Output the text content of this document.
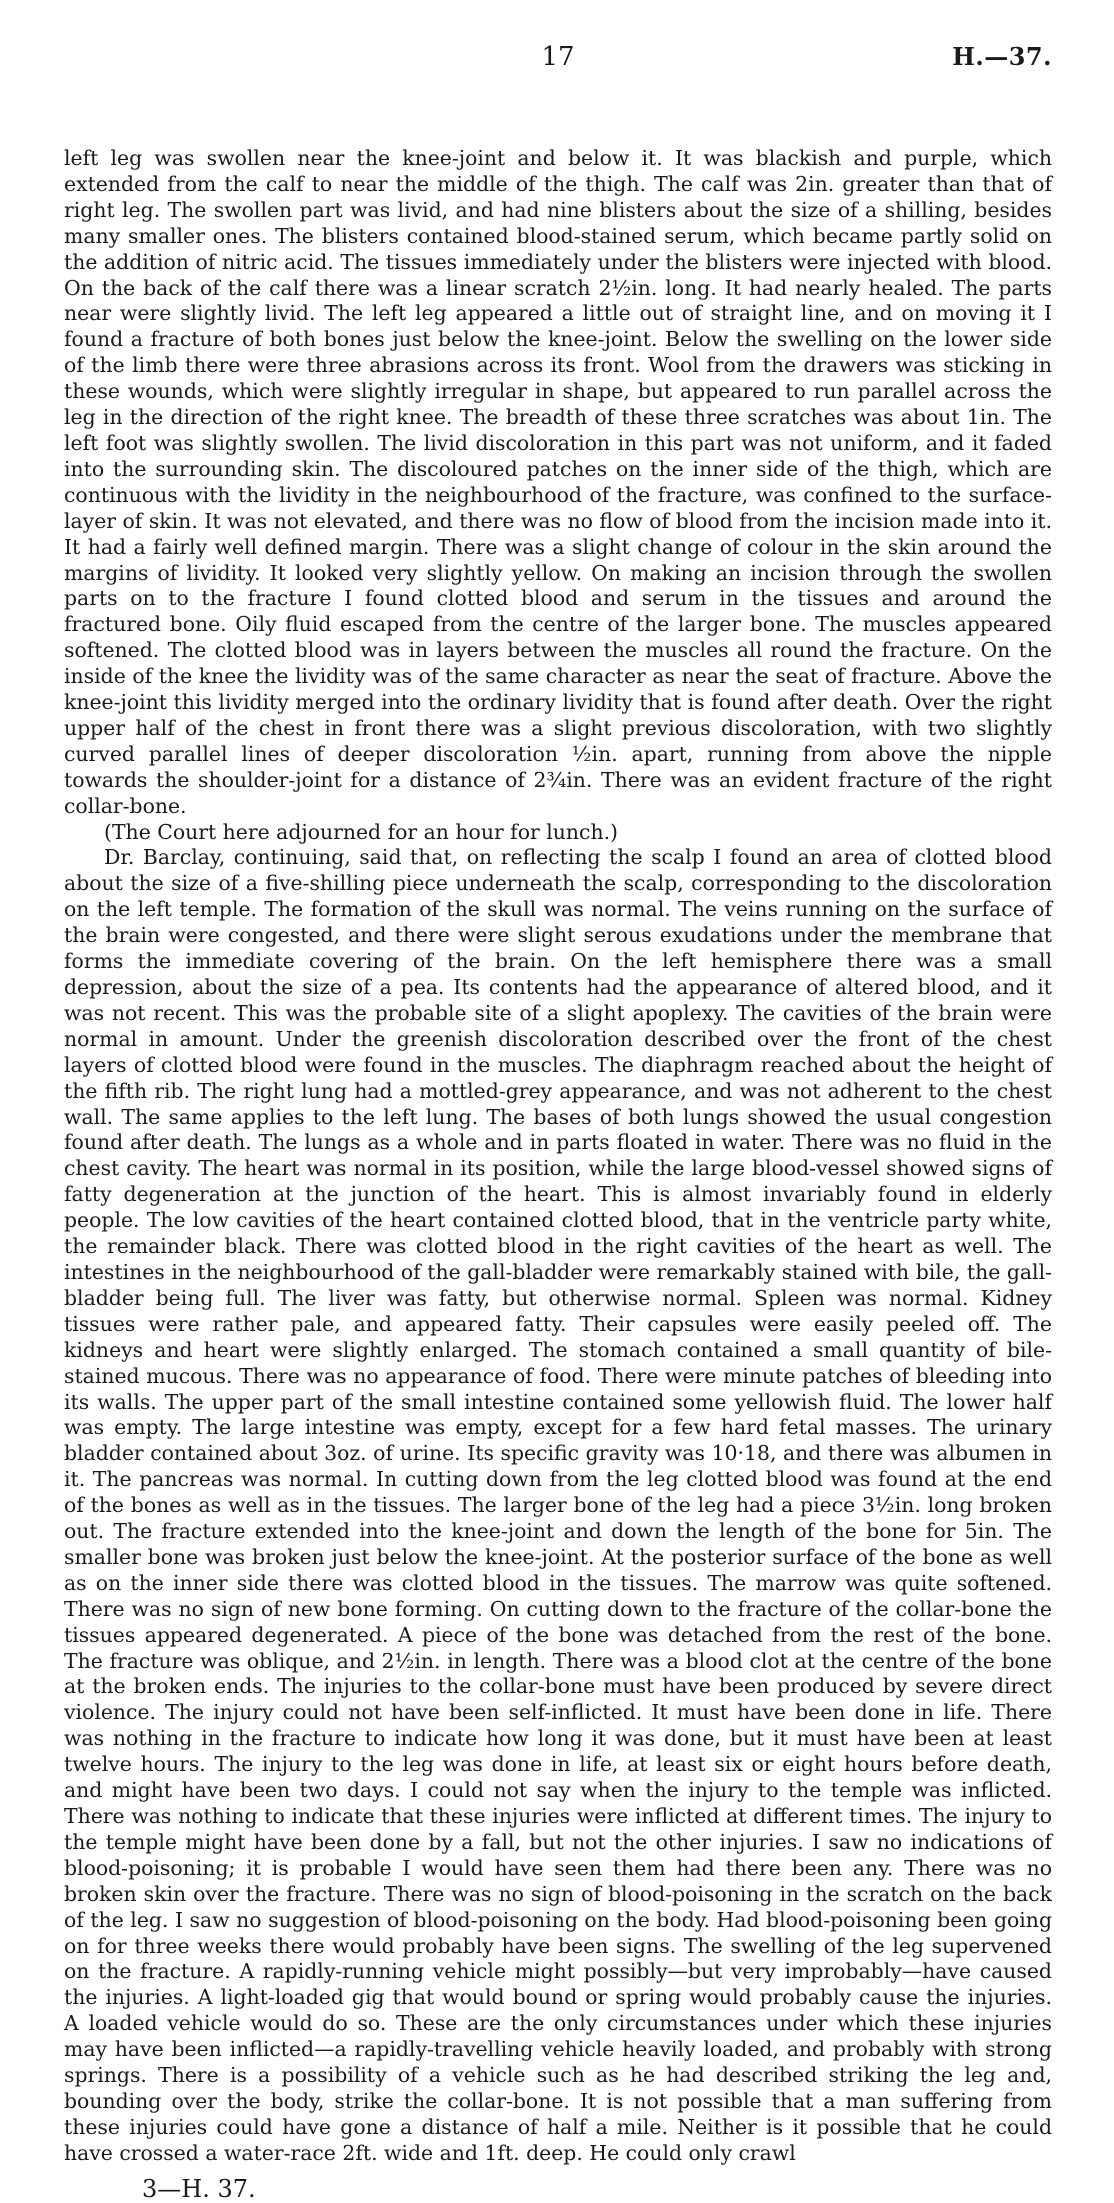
17	H.—37.

left leg was swollen near the knee-joint and below it. It was blackish and purple, which extended from the calf to near the middle of the thigh. The calf was 2in. greater than that of right leg. The swollen part was livid, and had nine blisters about the size of a shilling, besides many smaller ones. The blisters contained blood-stained serum, which became partly solid on the addition of nitric acid. The tissues immediately under the blisters were injected with blood. On the back of the calf there was a linear scratch 2½in. long. It had nearly healed. The parts near were slightly livid. The left leg appeared a little out of straight line, and on moving it I found a fracture of both bones just below the knee-joint. Below the swelling on the lower side of the limb there were three abrasions across its front. Wool from the drawers was sticking in these wounds, which were slightly irregular in shape, but appeared to run parallel across the leg in the direction of the right knee. The breadth of these three scratches was about 1in. The left foot was slightly swollen. The livid discoloration in this part was not uniform, and it faded into the surrounding skin. The discoloured patches on the inner side of the thigh, which are continuous with the lividity in the neighbourhood of the fracture, was confined to the surface-layer of skin. It was not elevated, and there was no flow of blood from the incision made into it. It had a fairly well defined margin. There was a slight change of colour in the skin around the margins of lividity. It looked very slightly yellow. On making an incision through the swollen parts on to the fracture I found clotted blood and serum in the tissues and around the fractured bone. Oily fluid escaped from the centre of the larger bone. The muscles appeared softened. The clotted blood was in layers between the muscles all round the fracture. On the inside of the knee the lividity was of the same character as near the seat of fracture. Above the knee-joint this lividity merged into the ordinary lividity that is found after death. Over the right upper half of the chest in front there was a slight previous discoloration, with two slightly curved parallel lines of deeper discoloration ½in. apart, running from above the nipple towards the shoulder-joint for a distance of 2¾in. There was an evident fracture of the right collar-bone.

(The Court here adjourned for an hour for lunch.)

Dr. Barclay, continuing, said that, on reflecting the scalp I found an area of clotted blood about the size of a five-shilling piece underneath the scalp, corresponding to the discoloration on the left temple. The formation of the skull was normal. The veins running on the surface of the brain were congested, and there were slight serous exudations under the membrane that forms the immediate covering of the brain. On the left hemisphere there was a small depression, about the size of a pea. Its contents had the appearance of altered blood, and it was not recent. This was the probable site of a slight apoplexy. The cavities of the brain were normal in amount. Under the greenish discoloration described over the front of the chest layers of clotted blood were found in the muscles. The diaphragm reached about the height of the fifth rib. The right lung had a mottled-grey appearance, and was not adherent to the chest wall. The same applies to the left lung. The bases of both lungs showed the usual congestion found after death. The lungs as a whole and in parts floated in water. There was no fluid in the chest cavity. The heart was normal in its position, while the large blood-vessel showed signs of fatty degeneration at the junction of the heart. This is almost invariably found in elderly people. The low cavities of the heart contained clotted blood, that in the ventricle party white, the remainder black. There was clotted blood in the right cavities of the heart as well. The intestines in the neighbourhood of the gall-bladder were remarkably stained with bile, the gall-bladder being full. The liver was fatty, but otherwise normal. Spleen was normal. Kidney tissues were rather pale, and appeared fatty. Their capsules were easily peeled off. The kidneys and heart were slightly enlarged. The stomach contained a small quantity of bile-stained mucous. There was no appearance of food. There were minute patches of bleeding into its walls. The upper part of the small intestine contained some yellowish fluid. The lower half was empty. The large intestine was empty, except for a few hard fetal masses. The urinary bladder contained about 3oz. of urine. Its specific gravity was 10·18, and there was albumen in it. The pancreas was normal. In cutting down from the leg clotted blood was found at the end of the bones as well as in the tissues. The larger bone of the leg had a piece 3½in. long broken out. The fracture extended into the knee-joint and down the length of the bone for 5in. The smaller bone was broken just below the knee-joint. At the posterior surface of the bone as well as on the inner side there was clotted blood in the tissues. The marrow was quite softened. There was no sign of new bone forming. On cutting down to the fracture of the collar-bone the tissues appeared degenerated. A piece of the bone was detached from the rest of the bone. The fracture was oblique, and 2½in. in length. There was a blood clot at the centre of the bone at the broken ends. The injuries to the collar-bone must have been produced by severe direct violence. The injury could not have been self-inflicted. It must have been done in life. There was nothing in the fracture to indicate how long it was done, but it must have been at least twelve hours. The injury to the leg was done in life, at least six or eight hours before death, and might have been two days. I could not say when the injury to the temple was inflicted. There was nothing to indicate that these injuries were inflicted at different times. The injury to the temple might have been done by a fall, but not the other injuries. I saw no indications of blood-poisoning; it is probable I would have seen them had there been any. There was no broken skin over the fracture. There was no sign of blood-poisoning in the scratch on the back of the leg. I saw no suggestion of blood-poisoning on the body. Had blood-poisoning been going on for three weeks there would probably have been signs. The swelling of the leg supervened on the fracture. A rapidly-running vehicle might possibly—but very improbably—have caused the injuries. A light-loaded gig that would bound or spring would probably cause the injuries. A loaded vehicle would do so. These are the only circumstances under which these injuries may have been inflicted—a rapidly-travelling vehicle heavily loaded, and probably with strong springs. There is a possibility of a vehicle such as he had described striking the leg and, bounding over the body, strike the collar-bone. It is not possible that a man suffering from these injuries could have gone a distance of half a mile. Neither is it possible that he could have crossed a water-race 2ft. wide and 1ft. deep. He could only crawl

3—H. 37.
